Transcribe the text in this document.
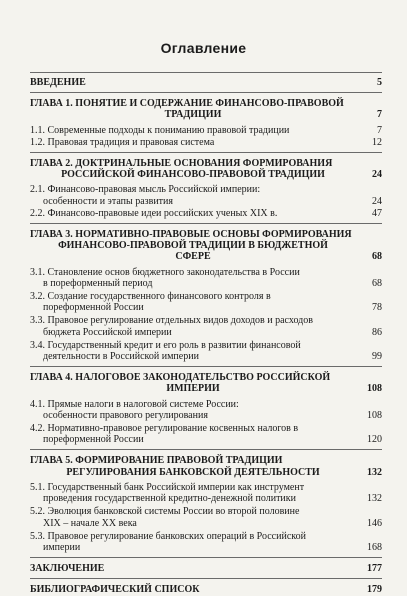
Оглавление
ВВЕДЕНИЕ	5
ГЛАВА 1. ПОНЯТИЕ И СОДЕРЖАНИЕ ФИНАНСОВО-ПРАВОВОЙ
ТРАДИЦИИ	7
1.1. Современные подходы к пониманию правовой традиции	7
1.2. Правовая традиция и правовая система	12
ГЛАВА 2. ДОКТРИНАЛЬНЫЕ ОСНОВАНИЯ ФОРМИРОВАНИЯ
РОССИЙСКОЙ ФИНАНСОВО-ПРАВОВОЙ ТРАДИЦИИ	24
2.1. Финансово-правовая мысль Российской империи:
особенности и этапы развития	24
2.2. Финансово-правовые идеи российских ученых XIX в.	47
ГЛАВА 3. НОРМАТИВНО-ПРАВОВЫЕ ОСНОВЫ ФОРМИРОВАНИЯ
ФИНАНСОВО-ПРАВОВОЙ ТРАДИЦИИ В БЮДЖЕТНОЙ
СФЕРЕ	68
3.1. Становление основ бюджетного законодательства в России
в пореформенный период	68
3.2. Создание государственного финансового контроля в
пореформенной России	78
3.3. Правовое регулирование отдельных видов доходов и расходов
бюджета Российской империи	86
3.4. Государственный кредит и его роль в развитии финансовой
деятельности в Российской империи	99
ГЛАВА 4. НАЛОГОВОЕ ЗАКОНОДАТЕЛЬСТВО РОССИЙСКОЙ
ИМПЕРИИ	108
4.1. Прямые налоги в налоговой системе России:
особенности правового регулирования	108
4.2. Нормативно-правовое регулирование косвенных налогов в
пореформенной России	120
ГЛАВА 5. ФОРМИРОВАНИЕ ПРАВОВОЙ ТРАДИЦИИ
РЕГУЛИРОВАНИЯ БАНКОВСКОЙ ДЕЯТЕЛЬНОСТИ	132
5.1. Государственный банк Российской империи как инструмент
проведения государственной кредитно-денежной политики	132
5.2. Эволюция банковской системы России во второй половине
XIX – начале XX века	146
5.3. Правовое регулирование банковских операций в Российской
империи	168
ЗАКЛЮЧЕНИЕ	177
БИБЛИОГРАФИЧЕСКИЙ СПИСОК	179
